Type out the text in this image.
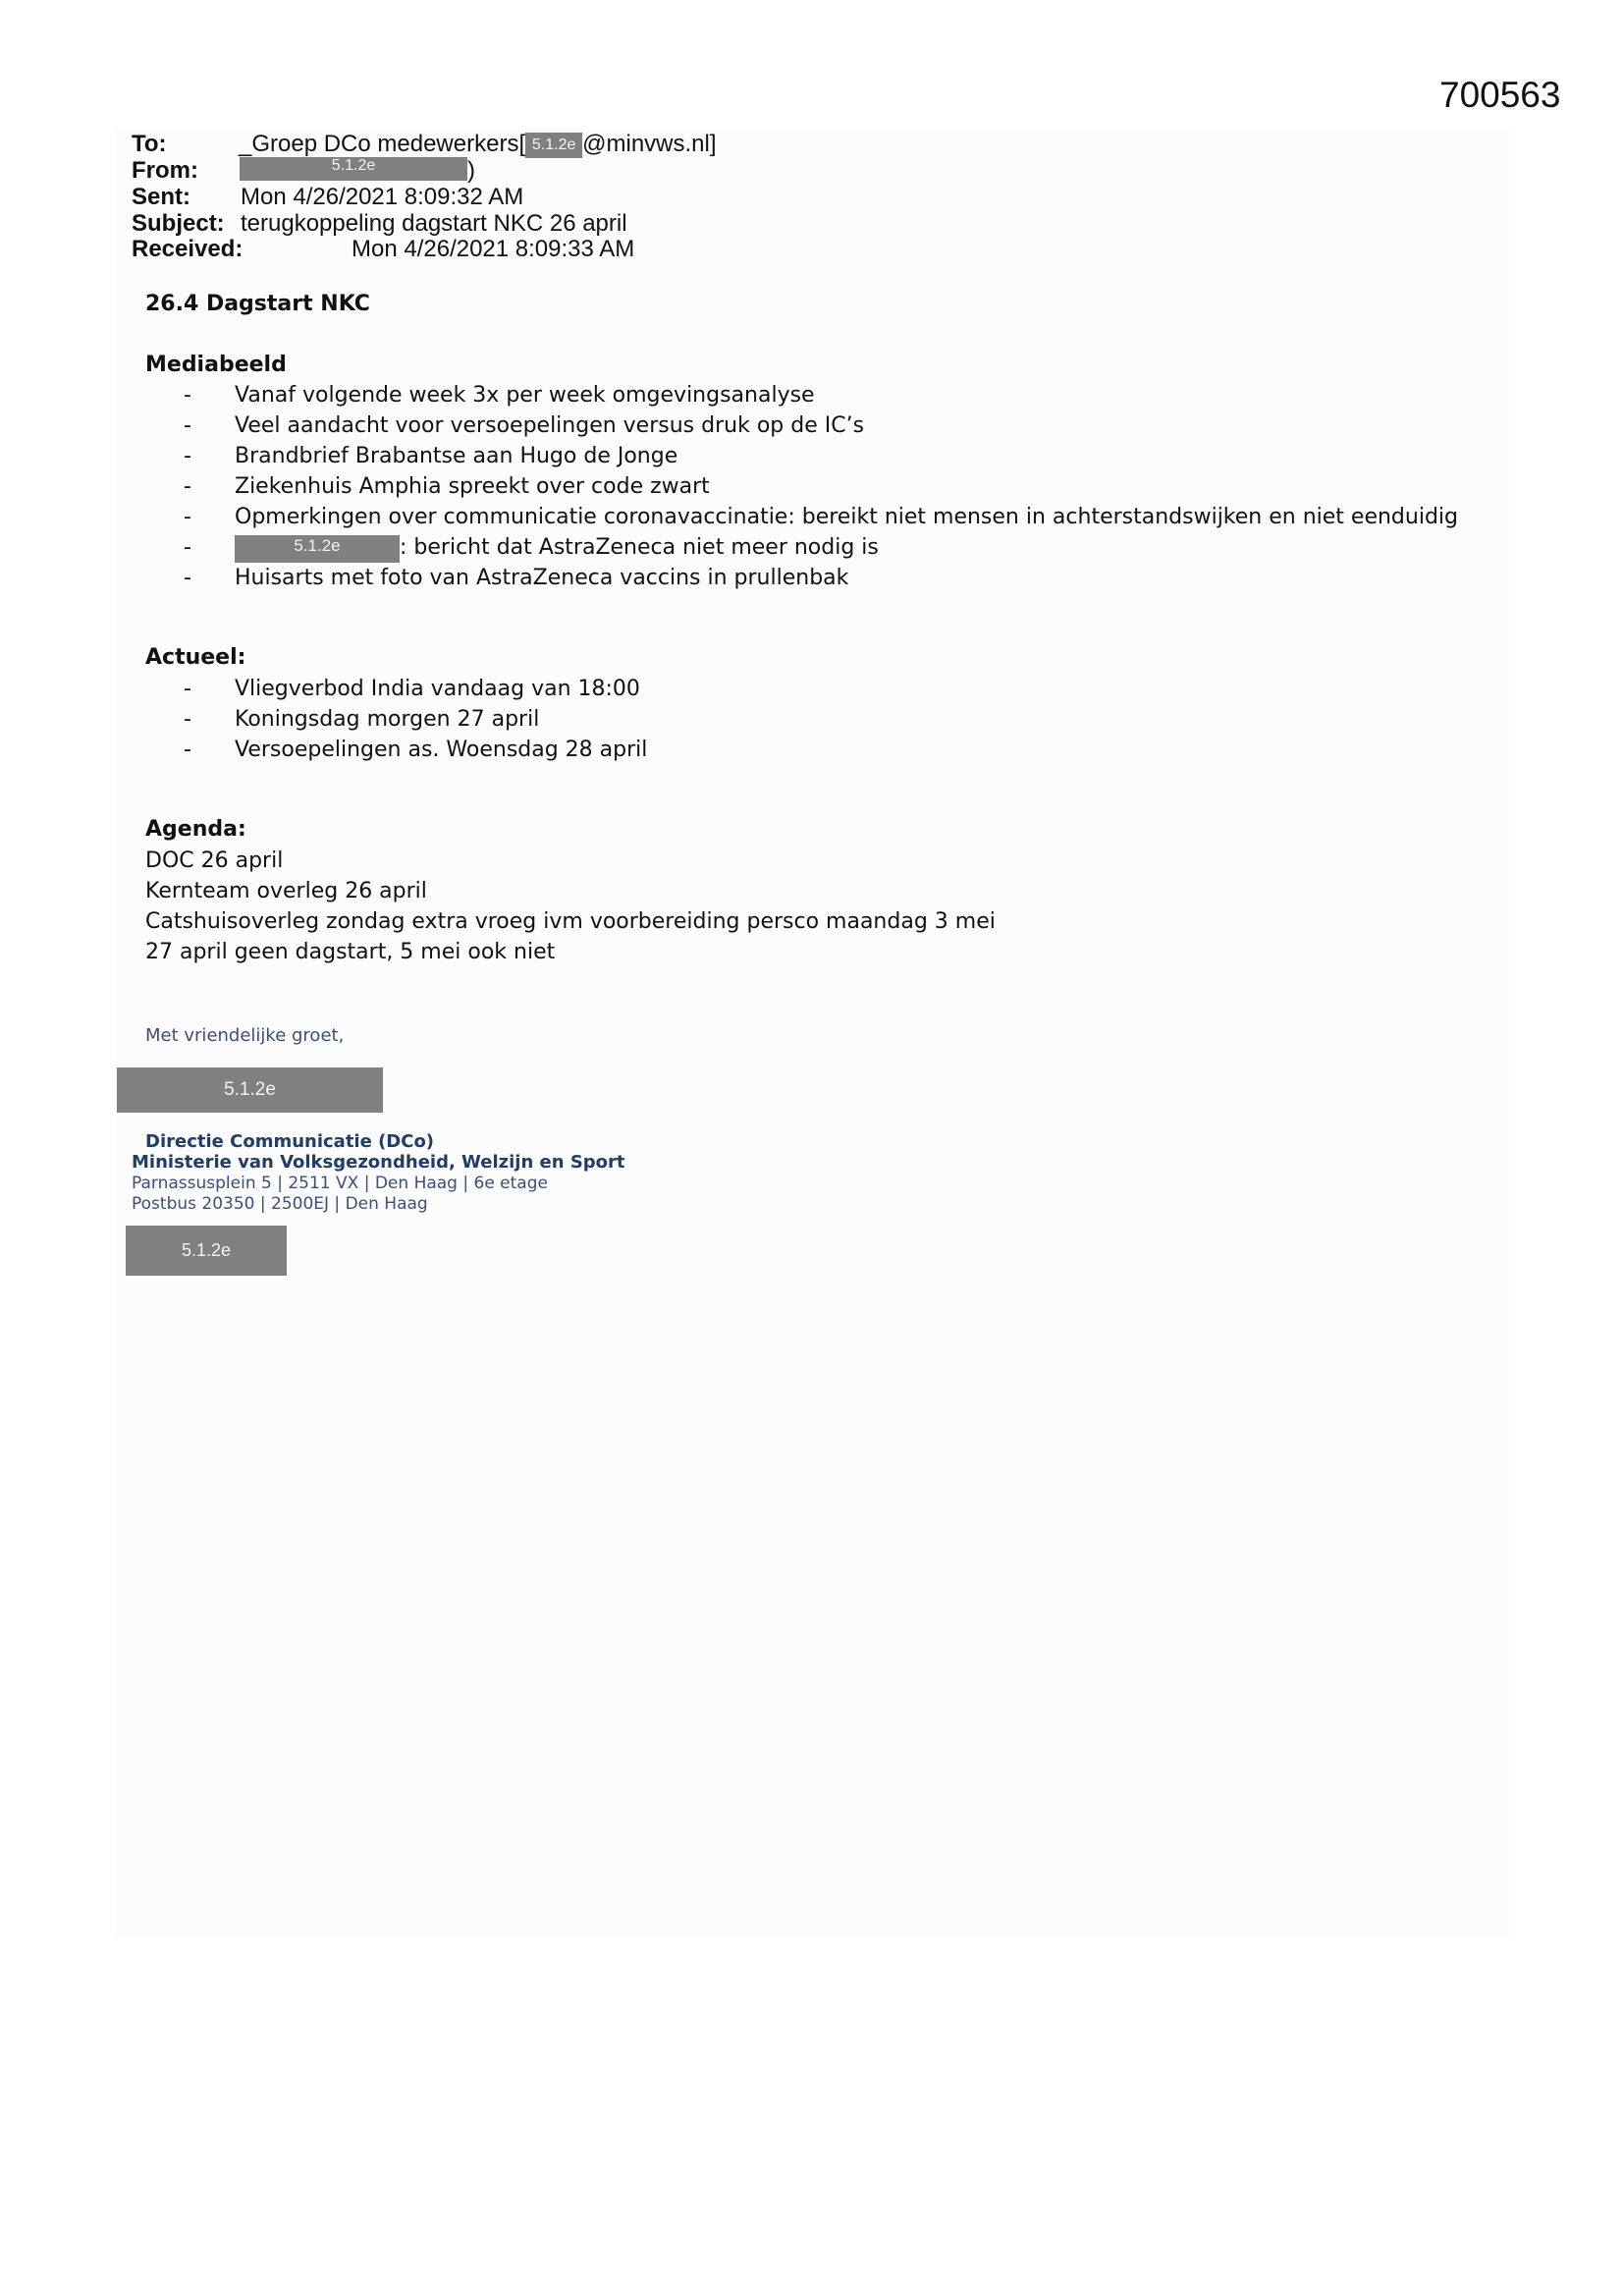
700563
To:	_Groep DCo medewerkers[ 5.1.2e @minvws.nl]
From:	5.1.2e	)
Sent: Mon 4/26/2021 8:09:32 AM
Subject: terugkoppeling dagstart NKC 26 april
Received:	Mon 4/26/2021 8:09:33 AM
26.4 Dagstart NKC
Mediabeeld
- Vanaf volgende week 3x per week omgevingsanalyse
- Veel aandacht voor versoepelingen versus druk op de IC’s
- Brandbrief Brabantse aan Hugo de Jonge
- Ziekenhuis Amphia spreekt over code zwart
- Opmerkingen over communicatie coronavaccinatie: bereikt niet mensen in achterstandswijken en niet eenduidig
-	5.1.2e	: bericht dat AstraZeneca niet meer nodig is
- Huisarts met foto van AstraZeneca vaccins in prullenbak
Actueel:
- Vliegverbod India vandaag van 18:00
- Koningsdag morgen 27 april
- Versoepelingen as. Woensdag 28 april
Agenda:
DOC 26 april
Kernteam overleg 26 april
Catshuisoverleg zondag extra vroeg ivm voorbereiding persco maandag 3 mei
27 april geen dagstart, 5 mei ook niet
Met vriendelijke groet,
5.1.2e
Directie Communicatie (DCo)
Ministerie van Volksgezondheid, Welzijn en Sport
Parnassusplein 5 | 2511 VX | Den Haag | 6e etage
Postbus 20350 | 2500EJ | Den Haag
5.1.2e
